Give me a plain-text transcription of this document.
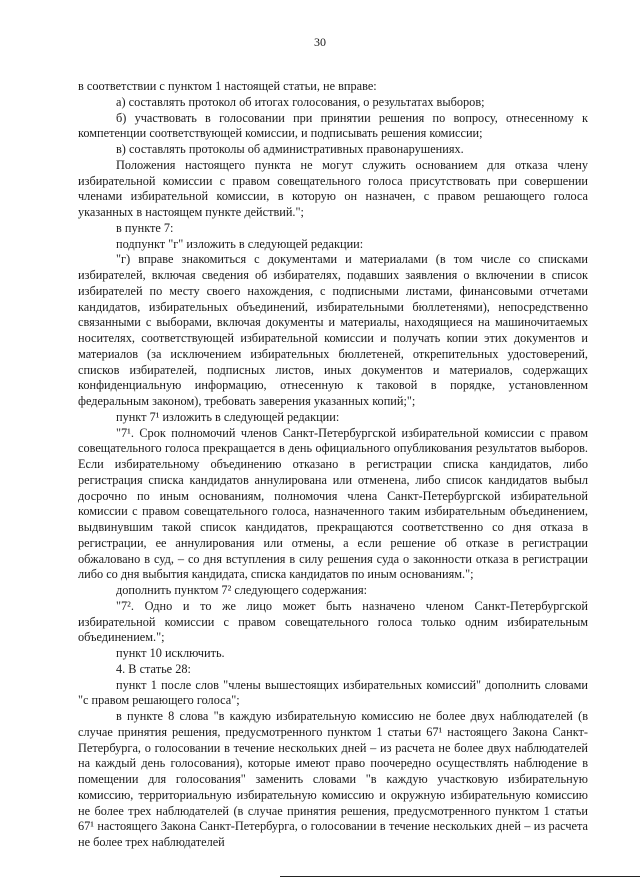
30

в соответствии с пунктом 1 настоящей статьи, не вправе:

а) составлять протокол об итогах голосования, о результатах выборов;

б) участвовать в голосовании при принятии решения по вопросу, отнесенному к компетенции соответствующей комиссии, и подписывать решения комиссии;

в) составлять протоколы об административных правонарушениях.

Положения настоящего пункта не могут служить основанием для отказа члену избирательной комиссии с правом совещательного голоса присутствовать при совершении членами избирательной комиссии, в которую он назначен, с правом решающего голоса указанных в настоящем пункте действий.";

в пункте 7:

подпункт "г" изложить в следующей редакции:

"г) вправе знакомиться с документами и материалами (в том числе со списками избирателей, включая сведения об избирателях, подавших заявления о включении в список избирателей по месту своего нахождения, с подписными листами, финансовыми отчетами кандидатов, избирательных объединений, избирательными бюллетенями), непосредственно связанными с выборами, включая документы и материалы, находящиеся на машиночитаемых носителях, соответствующей избирательной комиссии и получать копии этих документов и материалов (за исключением избирательных бюллетеней, открепительных удостоверений, списков избирателей, подписных листов, иных документов и материалов, содержащих конфиденциальную информацию, отнесенную к таковой в порядке, установленном федеральным законом), требовать заверения указанных копий;";

пункт 7¹ изложить в следующей редакции:

"7¹. Срок полномочий членов Санкт-Петербургской избирательной комиссии с правом совещательного голоса прекращается в день официального опубликования результатов выборов. Если избирательному объединению отказано в регистрации списка кандидатов, либо регистрация списка кандидатов аннулирована или отменена, либо список кандидатов выбыл досрочно по иным основаниям, полномочия члена Санкт-Петербургской избирательной комиссии с правом совещательного голоса, назначенного таким избирательным объединением, выдвинувшим такой список кандидатов, прекращаются соответственно со дня отказа в регистрации, ее аннулирования или отмены, а если решение об отказе в регистрации обжаловано в суд, – со дня вступления в силу решения суда о законности отказа в регистрации либо со дня выбытия кандидата, списка кандидатов по иным основаниям.";

дополнить пунктом 7² следующего содержания:

"7². Одно и то же лицо может быть назначено членом Санкт-Петербургской избирательной комиссии с правом совещательного голоса только одним избирательным объединением.";

пункт 10 исключить.

4. В статье 28:

пункт 1 после слов "члены вышестоящих избирательных комиссий" дополнить словами "с правом решающего голоса";

в пункте 8 слова "в каждую избирательную комиссию не более двух наблюдателей (в случае принятия решения, предусмотренного пунктом 1 статьи 67¹ настоящего Закона Санкт-Петербурга, о голосовании в течение нескольких дней – из расчета не более двух наблюдателей на каждый день голосования), которые имеют право поочередно осуществлять наблюдение в помещении для голосования" заменить словами "в каждую участковую избирательную комиссию, территориальную избирательную комиссию и окружную избирательную комиссию не более трех наблюдателей (в случае принятия решения, предусмотренного пунктом 1 статьи 67¹ настоящего Закона Санкт-Петербурга, о голосовании в течение нескольких дней – из расчета не более трех наблюдателей
